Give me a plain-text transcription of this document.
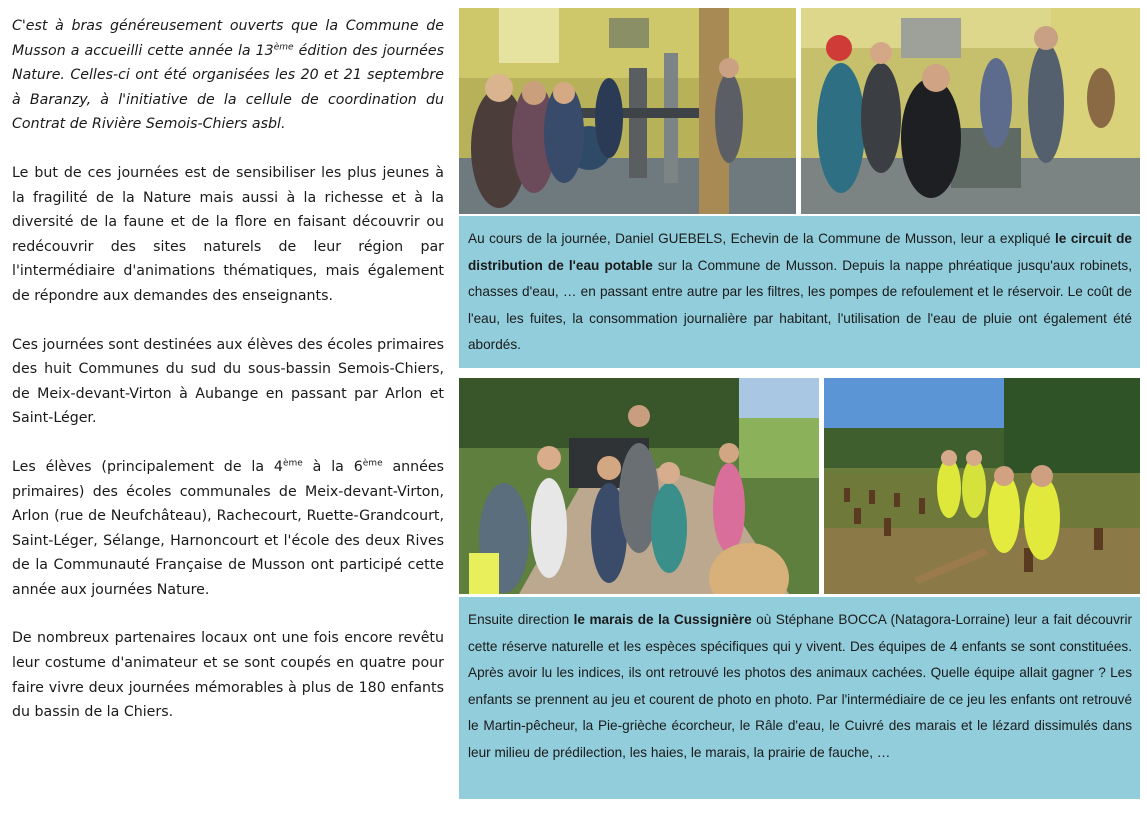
C'est à bras généreusement ouverts que la Commune de Musson a accueilli cette année la 13ème édition des journées Nature. Celles-ci ont été organisées les 20 et 21 septembre à Baranzy, à l'initiative de la cellule de coordination du Contrat de Rivière Semois-Chiers asbl.

Le but de ces journées est de sensibiliser les plus jeunes à la fragilité de la Nature mais aussi à la richesse et à la diversité de la faune et de la flore en faisant découvrir ou redécouvrir des sites naturels de leur région par l'intermédiaire d'animations thématiques, mais également de répondre aux demandes des enseignants.

Ces journées sont destinées aux élèves des écoles primaires des huit Communes du sud du sous-bassin Semois-Chiers, de Meix-devant-Virton à Aubange en passant par Arlon et Saint-Léger.

Les élèves (principalement de la 4ème à la 6ème années primaires) des écoles communales de Meix-devant-Virton, Arlon (rue de Neufchâteau), Rachecourt, Ruette-Grandcourt, Saint-Léger, Sélange, Harnoncourt et l'école des deux Rives de la Communauté Française de Musson ont participé cette année aux journées Nature.

De nombreux partenaires locaux ont une fois encore revêtu leur costume d'animateur et se sont coupés en quatre pour faire vivre deux journées mémorables à plus de 180 enfants du bassin de la Chiers.

Au cours de la journée, Daniel GUEBELS, Echevin de la Commune de Musson, leur a expliqué le circuit de distribution de l'eau potable sur la Commune de Musson. Depuis la nappe phréatique jusqu'aux robinets, chasses d'eau, … en passant entre autre par les filtres, les pompes de refoulement et le réservoir. Le coût de l'eau, les fuites, la consommation journalière par habitant, l'utilisation de l'eau de pluie ont également été abordés.
Ensuite direction le marais de la Cussignière où Stéphane BOCCA (Natagora-Lorraine) leur a fait découvrir cette réserve naturelle et les espèces spécifiques qui y vivent. Des équipes de 4 enfants se sont constituées. Après avoir lu les indices, ils ont retrouvé les photos des animaux cachées. Quelle équipe allait gagner ? Les enfants se prennent au jeu et courent de photo en photo. Par l'intermédiaire de ce jeu les enfants ont retrouvé le Martin-pêcheur, la Pie-grièche écorcheur, le Râle d'eau, le Cuivré des marais et le lézard dissimulés dans leur milieu de prédilection, les haies, le marais, la prairie de fauche, …
